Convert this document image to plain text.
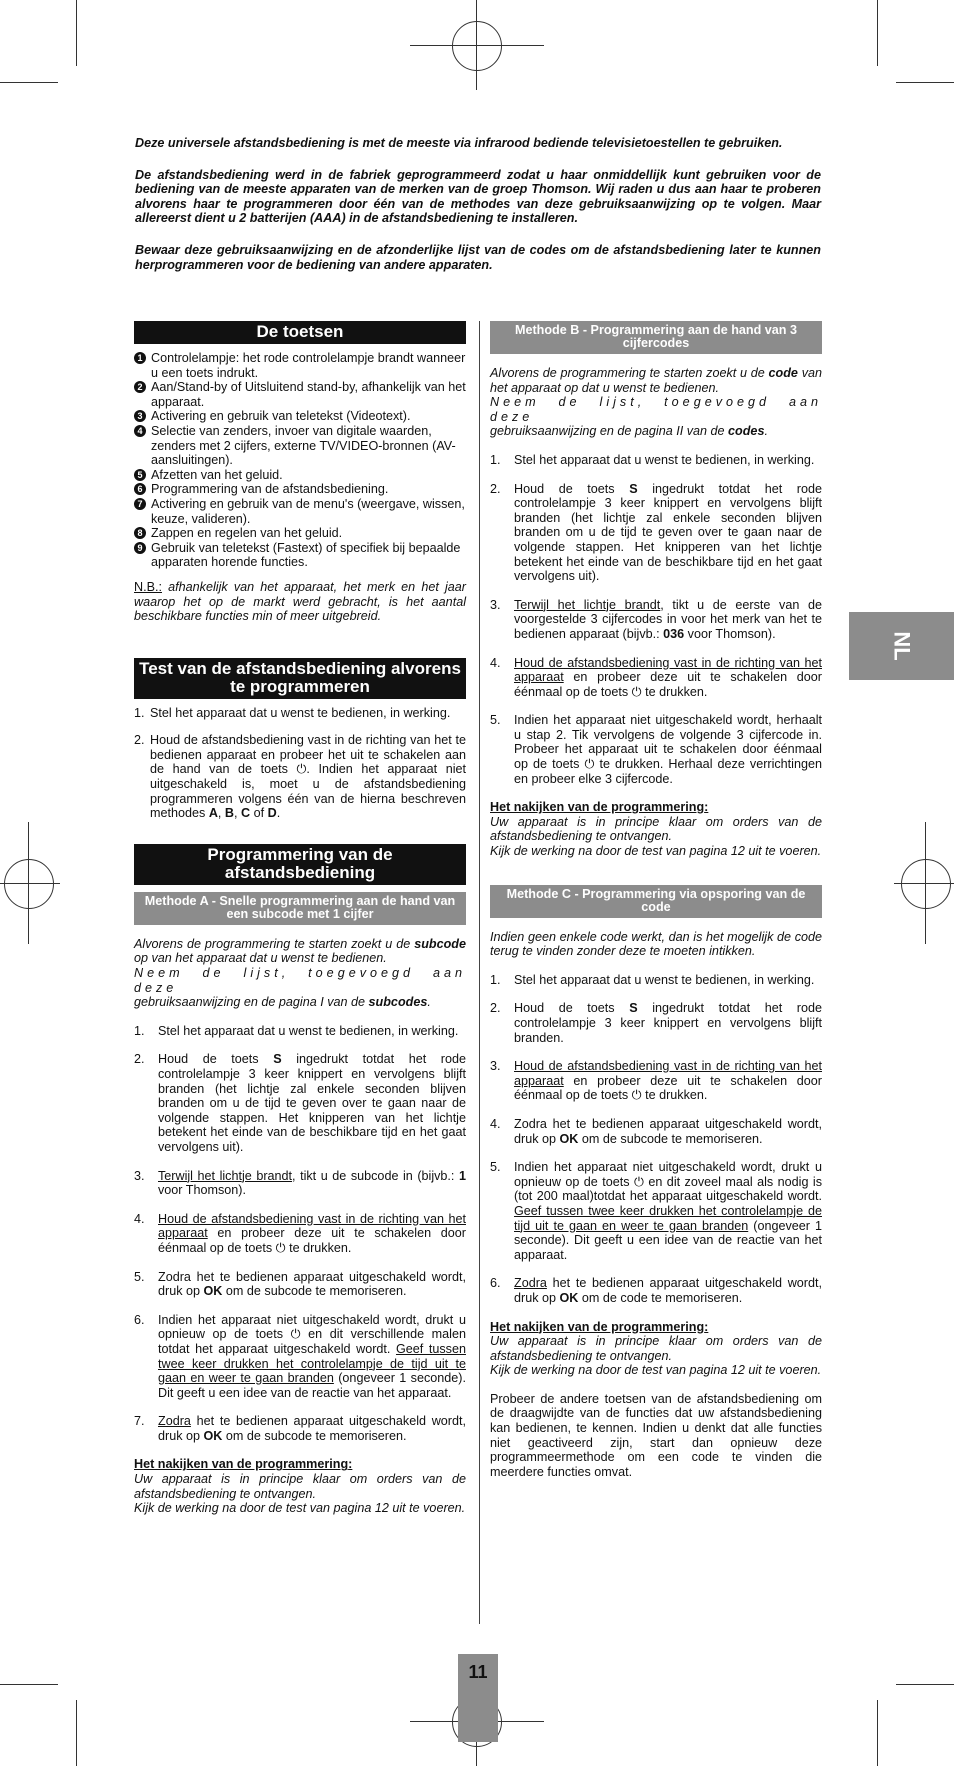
Deze universele afstandsbediening is met de meeste via infrarood bediende televisietoestellen te gebruiken.

De afstandsbediening werd in de fabriek geprogrammeerd zodat u haar onmiddellijk kunt gebruiken voor de bediening van de meeste apparaten van de merken van de groep Thomson. Wij raden u dus aan haar te proberen alvorens haar te programmeren door één van de methodes van deze gebruiksaanwijzing op te volgen. Maar allereerst dient u 2 batterijen (AAA) in de afstandsbediening te installeren.

Bewaar deze gebruiksaanwijzing en de afzonderlijke lijst van de codes om de afstandsbediening later te kunnen herprogrammeren voor de bediening van andere apparaten.

De toetsen
1 Controlelampje: het rode controlelampje brandt wanneer u een toets indrukt.
2 Aan/Stand-by of Uitsluitend stand-by, afhankelijk van het apparaat.
3 Activering en gebruik van teletekst (Videotext).
4 Selectie van zenders, invoer van digitale waarden, zenders met 2 cijfers, externe TV/VIDEO-bronnen (AV-aansluitingen).
5 Afzetten van het geluid.
6 Programmering van de afstandsbediening.
7 Activering en gebruik van de menu's (weergave, wissen, keuze, valideren).
8 Zappen en regelen van het geluid.
9 Gebruik van teletekst (Fastext) of specifiek bij bepaalde apparaten horende functies.

N.B.: afhankelijk van het apparaat, het merk en het jaar waarop het op de markt werd gebracht, is het aantal beschikbare functies min of meer uitgebreid.

Test van de afstandsbediening alvorens te programmeren
1. Stel het apparaat dat u wenst te bedienen, in werking.
2. Houd de afstandsbediening vast in de richting van het te bedienen apparaat en probeer het uit te schakelen aan de hand van de toets ⏻. Indien het apparaat niet uitgeschakeld is, moet u de afstandsbediening programmeren volgens één van de hierna beschreven methodes A, B, C of D.
Programmering van de afstandsbediening
Methode A - Snelle programmering aan de hand van een subcode met 1 cijfer

Alvorens de programmering te starten zoekt u de subcode op van het apparaat dat u wenst te bedienen.
Neem de lijst, toegevoegd aan deze
gebruiksaanwijzing en de pagina I van de subcodes.

1. Stel het apparaat dat u wenst te bedienen, in werking.
2. Houd de toets S ingedrukt totdat het rode controlelampje 3 keer knippert en vervolgens blijft branden (het lichtje zal enkele seconden blijven branden om u de tijd te geven over te gaan naar de volgende stappen. Het knipperen van het lichtje betekent het einde van de beschikbare tijd en het gaat vervolgens uit).
3. Terwijl het lichtje brandt, tikt u de subcode in (bijvb.: 1 voor Thomson).
4. Houd de afstandsbediening vast in de richting van het apparaat en probeer deze uit te schakelen door éénmaal op de toets ⏻ te drukken.
5. Zodra het te bedienen apparaat uitgeschakeld wordt, druk op OK om de subcode te memoriseren.
6. Indien het apparaat niet uitgeschakeld wordt, drukt u opnieuw op de toets ⏻ en dit verschillende malen totdat het apparaat uitgeschakeld wordt. Geef tussen twee keer drukken het controlelampje de tijd uit te gaan en weer te gaan branden (ongeveer 1 seconde). Dit geeft u een idee van de reactie van het apparaat.
7. Zodra het te bedienen apparaat uitgeschakeld wordt, druk op OK om de subcode te memoriseren.

Het nakijken van de programmering:

Uw apparaat is in principe klaar om orders van de afstandsbediening te ontvangen.
Kijk de werking na door de test van pagina 12 uit te voeren.
Methode B - Programmering aan de hand van 3 cijfercodes

Alvorens de programmering te starten zoekt u de code van het apparaat op dat u wenst te bedienen.
Neem de lijst, toegevoegd aan deze
gebruiksaanwijzing en de pagina II van de codes.

1. Stel het apparaat dat u wenst te bedienen, in werking.
2. Houd de toets S ingedrukt totdat het rode controlelampje 3 keer knippert en vervolgens blijft branden (het lichtje zal enkele seconden blijven branden om u de tijd te geven over te gaan naar de volgende stappen. Het knipperen van het lichtje betekent het einde van de beschikbare tijd en het gaat vervolgens uit).
3. Terwijl het lichtje brandt, tikt u de eerste van de voorgestelde 3 cijfercodes in voor het merk van het te bedienen apparaat (bijvb.: 036 voor Thomson).
4. Houd de afstandsbediening vast in de richting van het apparaat en probeer deze uit te schakelen door éénmaal op de toets ⏻ te drukken.
5. Indien het apparaat niet uitgeschakeld wordt, herhaalt u stap 2. Tik vervolgens de volgende 3 cijfercode in. Probeer het apparaat uit te schakelen door éénmaal op de toets ⏻ te drukken. Herhaal deze verrichtingen en probeer elke 3 cijfercode.

Het nakijken van de programmering:

Uw apparaat is in principe klaar om orders van de afstandsbediening te ontvangen.
Kijk de werking na door de test van pagina 12 uit te voeren.
Methode C - Programmering via opsporing van de code

Indien geen enkele code werkt, dan is het mogelijk de code terug te vinden zonder deze te moeten intikken.

1. Stel het apparaat dat u wenst te bedienen, in werking.
2. Houd de toets S ingedrukt totdat het rode controlelampje 3 keer knippert en vervolgens blijft branden.
3. Houd de afstandsbediening vast in de richting van het apparaat en probeer deze uit te schakelen door éénmaal op de toets ⏻ te drukken.
4. Zodra het te bedienen apparaat uitgeschakeld wordt, druk op OK om de subcode te memoriseren.
5. Indien het apparaat niet uitgeschakeld wordt, drukt u opnieuw op de toets ⏻ en dit zoveel maal als nodig is (tot 200 maal)totdat het apparaat uitgeschakeld wordt. Geef tussen twee keer drukken het controlelampje de tijd uit te gaan en weer te gaan branden (ongeveer 1 seconde). Dit geeft u een idee van de reactie van het apparaat.
6. Zodra het te bedienen apparaat uitgeschakeld wordt, druk op OK om de code te memoriseren.

Het nakijken van de programmering:

Uw apparaat is in principe klaar om orders van de afstandsbediening te ontvangen.
Kijk de werking na door de test van pagina 12 uit te voeren.

Probeer de andere toetsen van de afstandsbediening om de draagwijdte van de functies dat uw afstandsbediening kan bedienen, te kennen. Indien u denkt dat alle functies niet geactiveerd zijn, start dan opnieuw deze programmeermethode om een code te vinden die meerdere functies omvat.

NL
11
